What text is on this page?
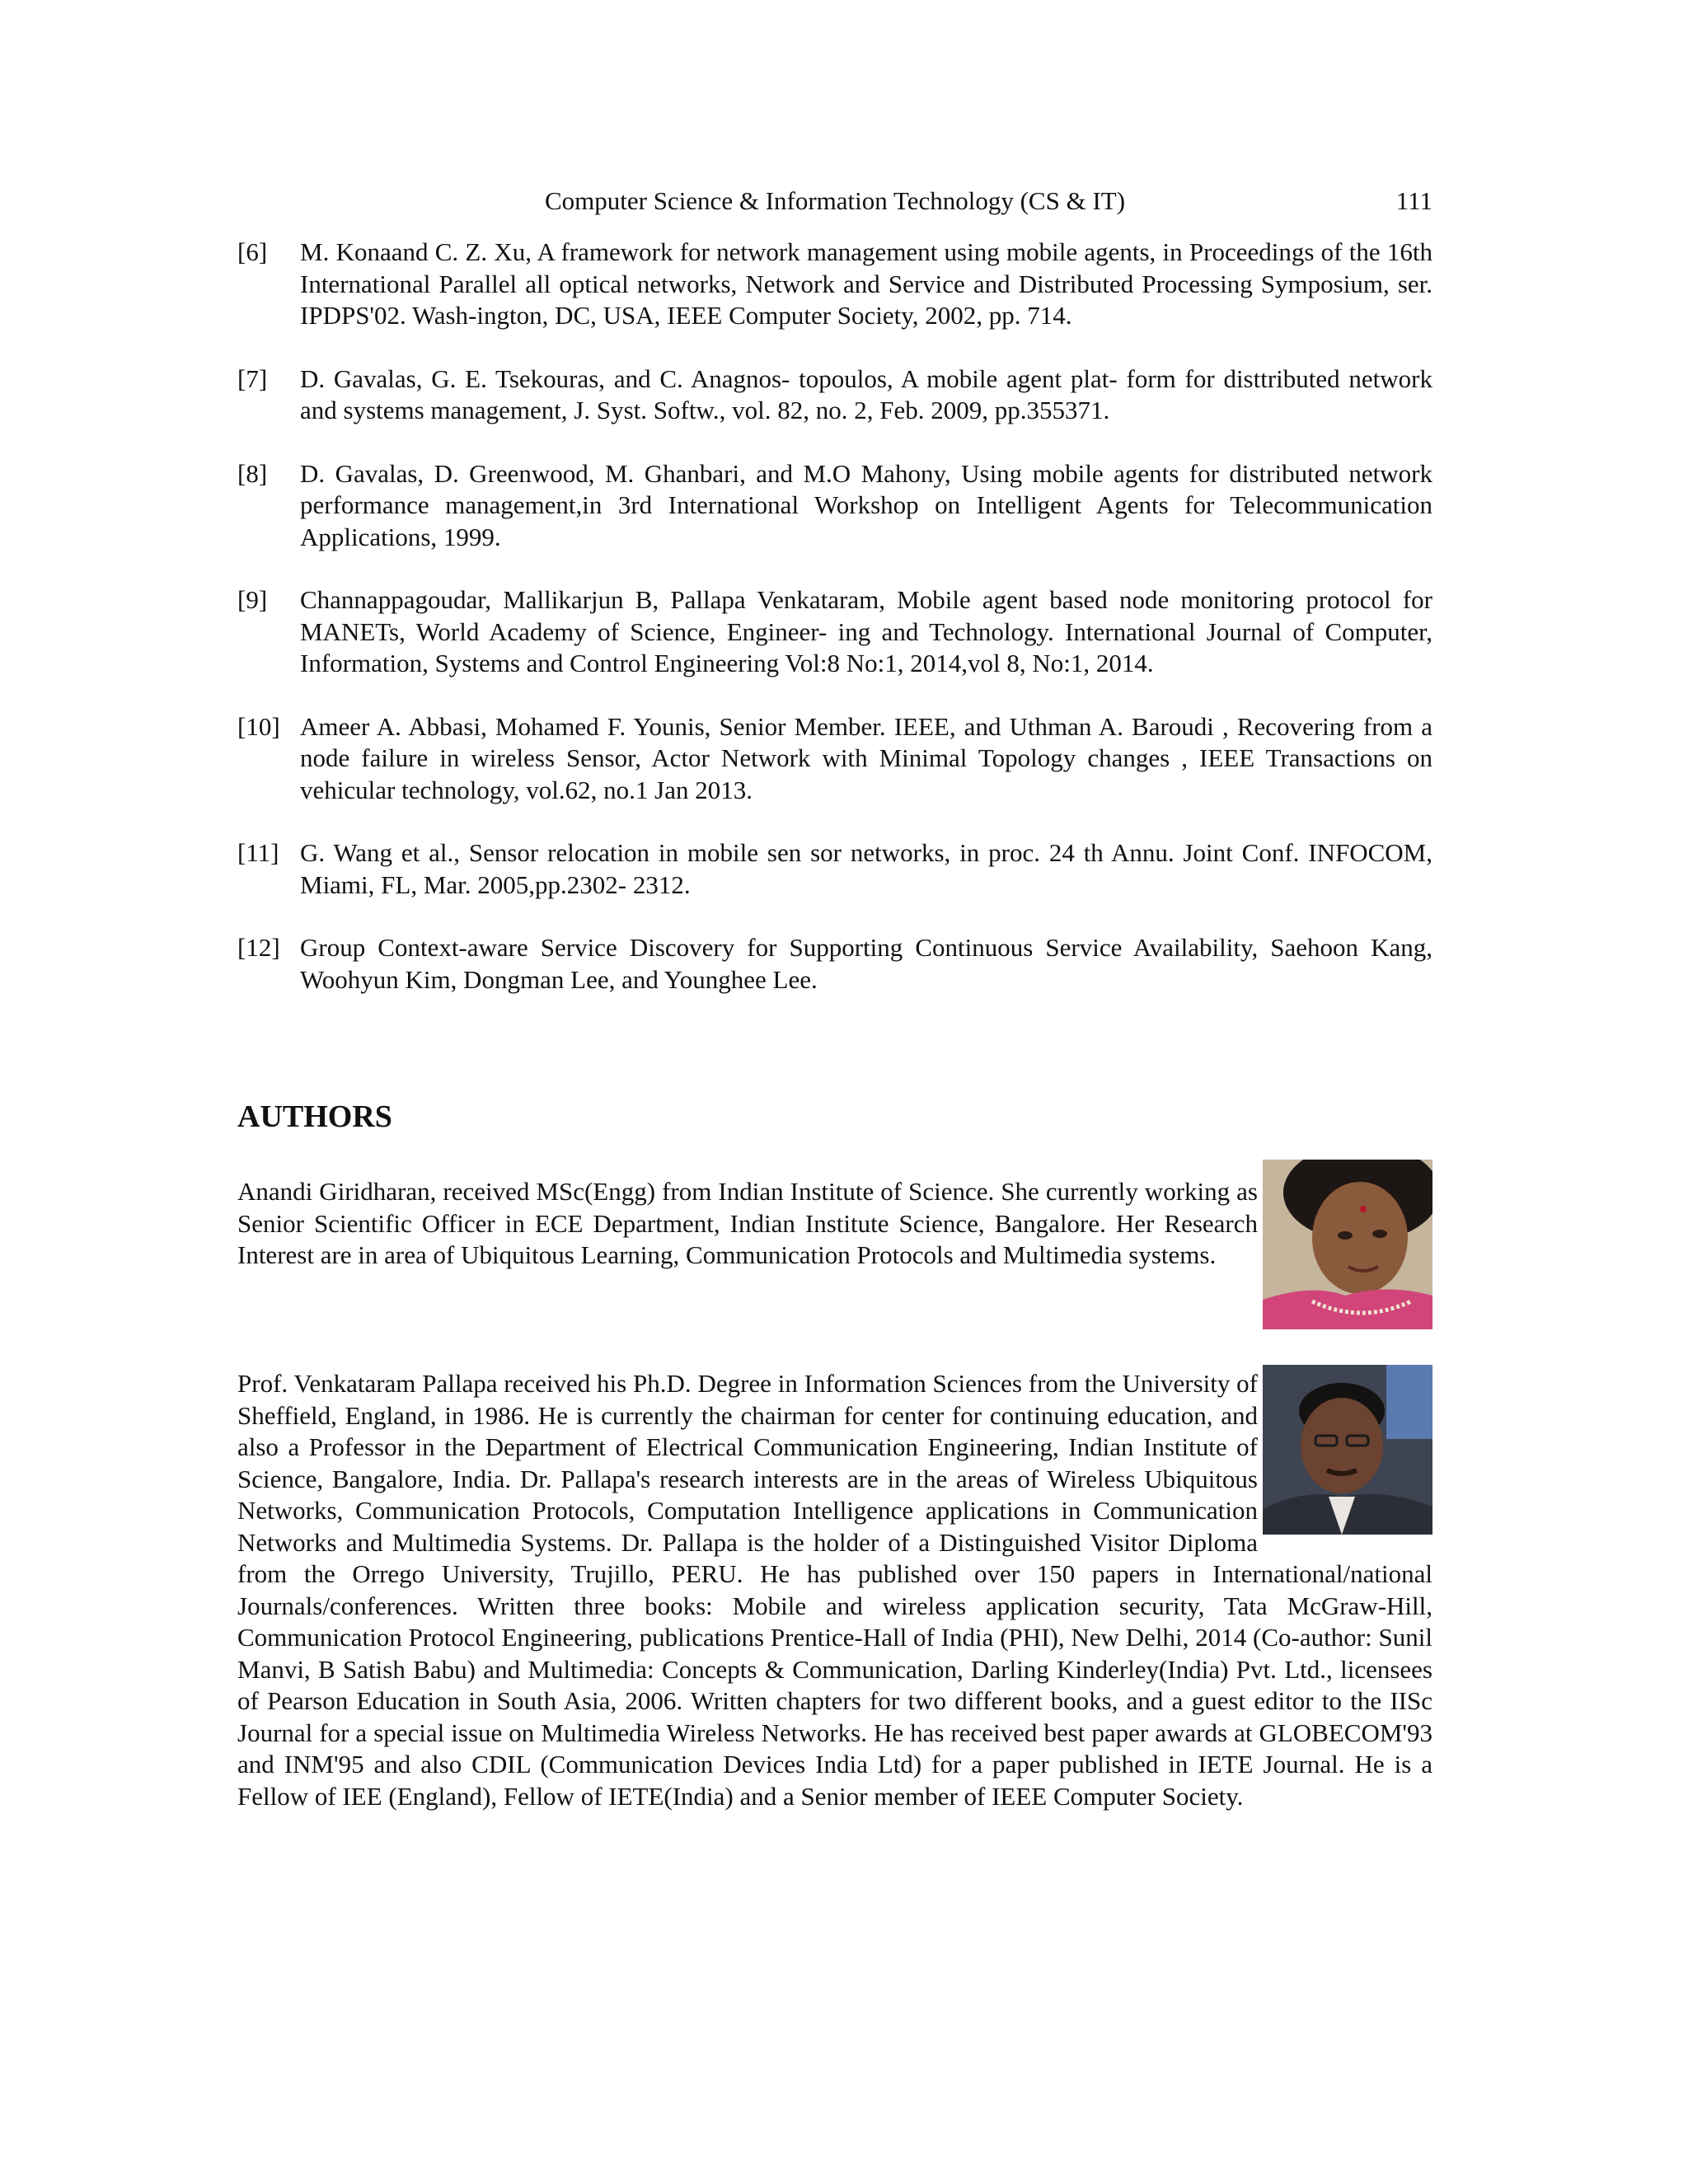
Computer Science & Information Technology (CS & IT)	111
[6] M. Konaand C. Z. Xu, A framework for network management using mobile agents, in Proceedings of the 16th International Parallel all optical networks, Network and Service and Distributed Processing Symposium, ser. IPDPS'02. Wash-ington, DC, USA, IEEE Computer Society, 2002, pp. 714.
[7] D. Gavalas, G. E. Tsekouras, and C. Anagnos- topoulos, A mobile agent plat- form for disttributed network and systems management, J. Syst. Softw., vol. 82, no. 2, Feb. 2009, pp.355371.
[8] D. Gavalas, D. Greenwood, M. Ghanbari, and M.O Mahony, Using mobile agents for distributed network performance management,in 3rd International Workshop on Intelligent Agents for Telecommunication Applications, 1999.
[9] Channappagoudar, Mallikarjun B, Pallapa Venkataram, Mobile agent based node monitoring protocol for MANETs, World Academy of Science, Engineer- ing and Technology. International Journal of Computer, Information, Systems and Control Engineering Vol:8 No:1, 2014,vol 8, No:1, 2014.
[10] Ameer A. Abbasi, Mohamed F. Younis, Senior Member. IEEE, and Uthman A. Baroudi , Recovering from a node failure in wireless Sensor, Actor Network with Minimal Topology changes , IEEE Transactions on vehicular technology, vol.62, no.1 Jan 2013.
[11] G. Wang et al., Sensor relocation in mobile sen sor networks, in proc. 24 th Annu. Joint Conf. INFOCOM, Miami, FL, Mar. 2005,pp.2302- 2312.
[12] Group Context-aware Service Discovery for Supporting Continuous Service Availability, Saehoon Kang, Woohyun Kim, Dongman Lee, and Younghee Lee.
AUTHORS
Anandi Giridharan, received MSc(Engg) from Indian Institute of Science. She currently working as Senior Scientific Officer in ECE Department, Indian Institute Science, Bangalore. Her Research Interest are in area of Ubiquitous Learning, Communication Protocols and Multimedia systems.
Prof. Venkataram Pallapa received his Ph.D. Degree in Information Sciences from the University of Sheffield, England, in 1986. He is currently the chairman for center for continuing education, and also a Professor in the Department of Electrical Communication Engineering, Indian Institute of Science, Bangalore, India. Dr. Pallapa's research interests are in the areas of Wireless Ubiquitous Networks, Communication Protocols, Computation Intelligence applications in Communication Networks and Multimedia Systems. Dr. Pallapa is the holder of a Distinguished Visitor Diploma from the Orrego University, Trujillo, PERU. He has published over 150 papers in International/national Journals/conferences. Written three books: Mobile and wireless application security, Tata McGraw-Hill, Communication Protocol Engineering, publications Prentice-Hall of India (PHI), New Delhi, 2014 (Co-author: Sunil Manvi, B Satish Babu) and Multimedia: Concepts & Communication, Darling Kinderley(India) Pvt. Ltd., licensees of Pearson Education in South Asia, 2006. Written chapters for two different books, and a guest editor to the IISc Journal for a special issue on Multimedia Wireless Networks. He has received best paper awards at GLOBECOM'93 and INM'95 and also CDIL (Communication Devices India Ltd) for a paper published in IETE Journal. He is a Fellow of IEE (England), Fellow of IETE(India) and a Senior member of IEEE Computer Society.
